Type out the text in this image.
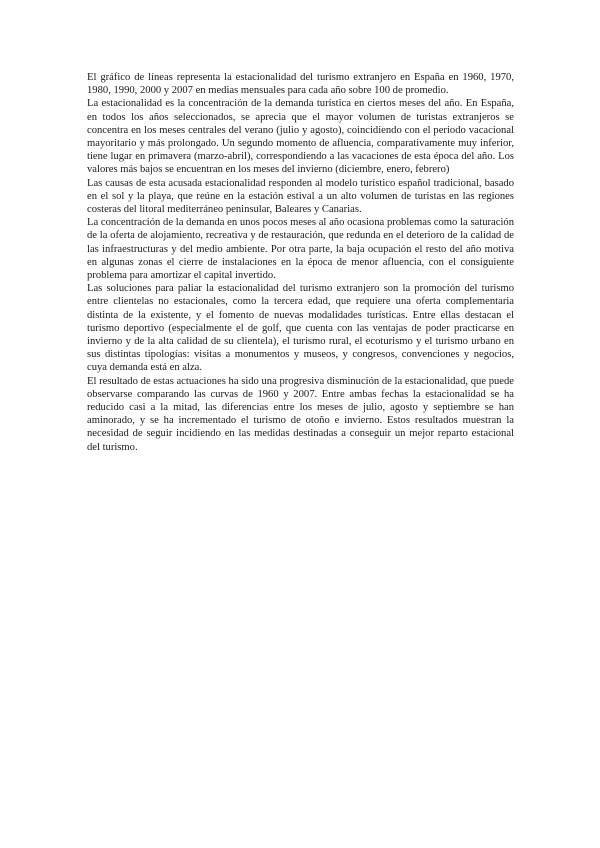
El gráfico de líneas representa la estacionalidad del turismo extranjero en España en 1960, 1970, 1980, 1990, 2000 y 2007 en medias mensuales para cada año sobre 100 de promedio.

La estacionalidad es la concentración de la demanda turística en ciertos meses del año. En España, en todos los años seleccionados, se aprecia que el mayor volumen de turistas extranjeros se concentra en los meses centrales del verano (julio y agosto), coincidiendo con el periodo vacacional mayoritario y más prolongado. Un segundo momento de afluencia, comparativamente muy inferior, tiene lugar en primavera (marzo-abril), correspondiendo a las vacaciones de esta época del año. Los valores más bajos se encuentran en los meses del invierno (diciembre, enero, febrero)

Las causas de esta acusada estacionalidad responden al modelo turístico español tradicional, basado en el sol y la playa, que reúne en la estación estival a un alto volumen de turistas en las regiones costeras del litoral mediterráneo peninsular, Baleares y Canarias.

La concentración de la demanda en unos pocos meses al año ocasiona problemas como la saturación de la oferta de alojamiento, recreativa y de restauración, que redunda en el deterioro de la calidad de las infraestructuras y del medio ambiente. Por otra parte, la baja ocupación el resto del año motiva en algunas zonas el cierre de instalaciones en la época de menor afluencia, con el consiguiente problema para amortizar el capital invertido.

Las soluciones para paliar la estacionalidad del turismo extranjero son la promoción del turismo entre clientelas no estacionales, como la tercera edad, que requiere una oferta complementaria distinta de la existente, y el fomento de nuevas modalidades turísticas. Entre ellas destacan el turismo deportivo (especialmente el de golf, que cuenta con las ventajas de poder practicarse en invierno y de la alta calidad de su clientela), el turismo rural, el ecoturismo y el turismo urbano en sus distintas tipologías: visitas a monumentos y museos, y congresos, convenciones y negocios, cuya demanda está en alza.

El resultado de estas actuaciones ha sido una progresiva disminución de la estacionalidad, que puede observarse comparando las curvas de 1960 y 2007. Entre ambas fechas la estacionalidad se ha reducido casi a la mitad, las diferencias entre los meses de julio, agosto y septiembre se han aminorado, y se ha incrementado el turismo de otoño e invierno. Estos resultados muestran la necesidad de seguir incidiendo en las medidas destinadas a conseguir un mejor reparto estacional del turismo.
